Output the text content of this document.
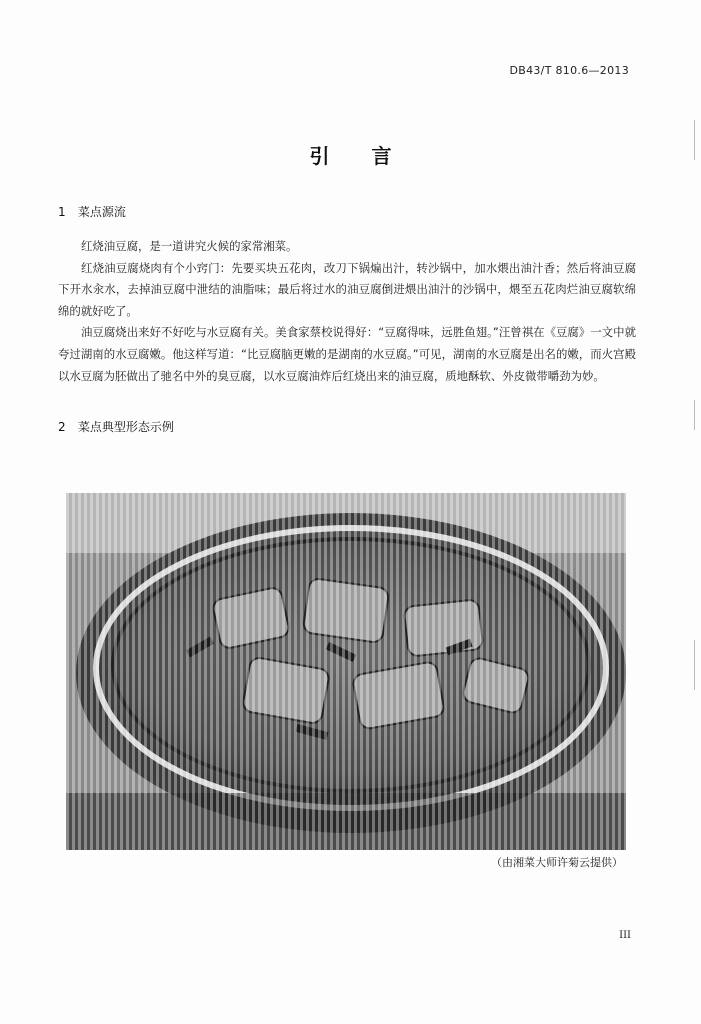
DB43/T 810.6—2013
引言
1 菜点源流

红烧油豆腐，是一道讲究火候的家常湘菜。

红烧油豆腐烧肉有个小窍门：先要买块五花肉，改刀下锅煸出汁，转沙锅中，加水煨出油汁香；然后将油豆腐下开水汆水，去掉油豆腐中泄结的油脂味；最后将过水的油豆腐倒进煨出油汁的沙锅中，煨至五花肉烂油豆腐软绵绵的就好吃了。

油豆腐烧出来好不好吃与水豆腐有关。美食家蔡校说得好：“豆腐得味，远胜鱼翅。”汪曾祺在《豆腐》一文中就夸过湖南的水豆腐嫩。他这样写道：“比豆腐脑更嫩的是湖南的水豆腐。”可见，湖南的水豆腐是出名的嫩，而火宫殿以水豆腐为胚做出了驰名中外的臭豆腐，以水豆腐油炸后红烧出来的油豆腐，质地酥软、外皮微带嚼劲为妙。

2 菜点典型形态示例
（由湘菜大师许菊云提供）
III
